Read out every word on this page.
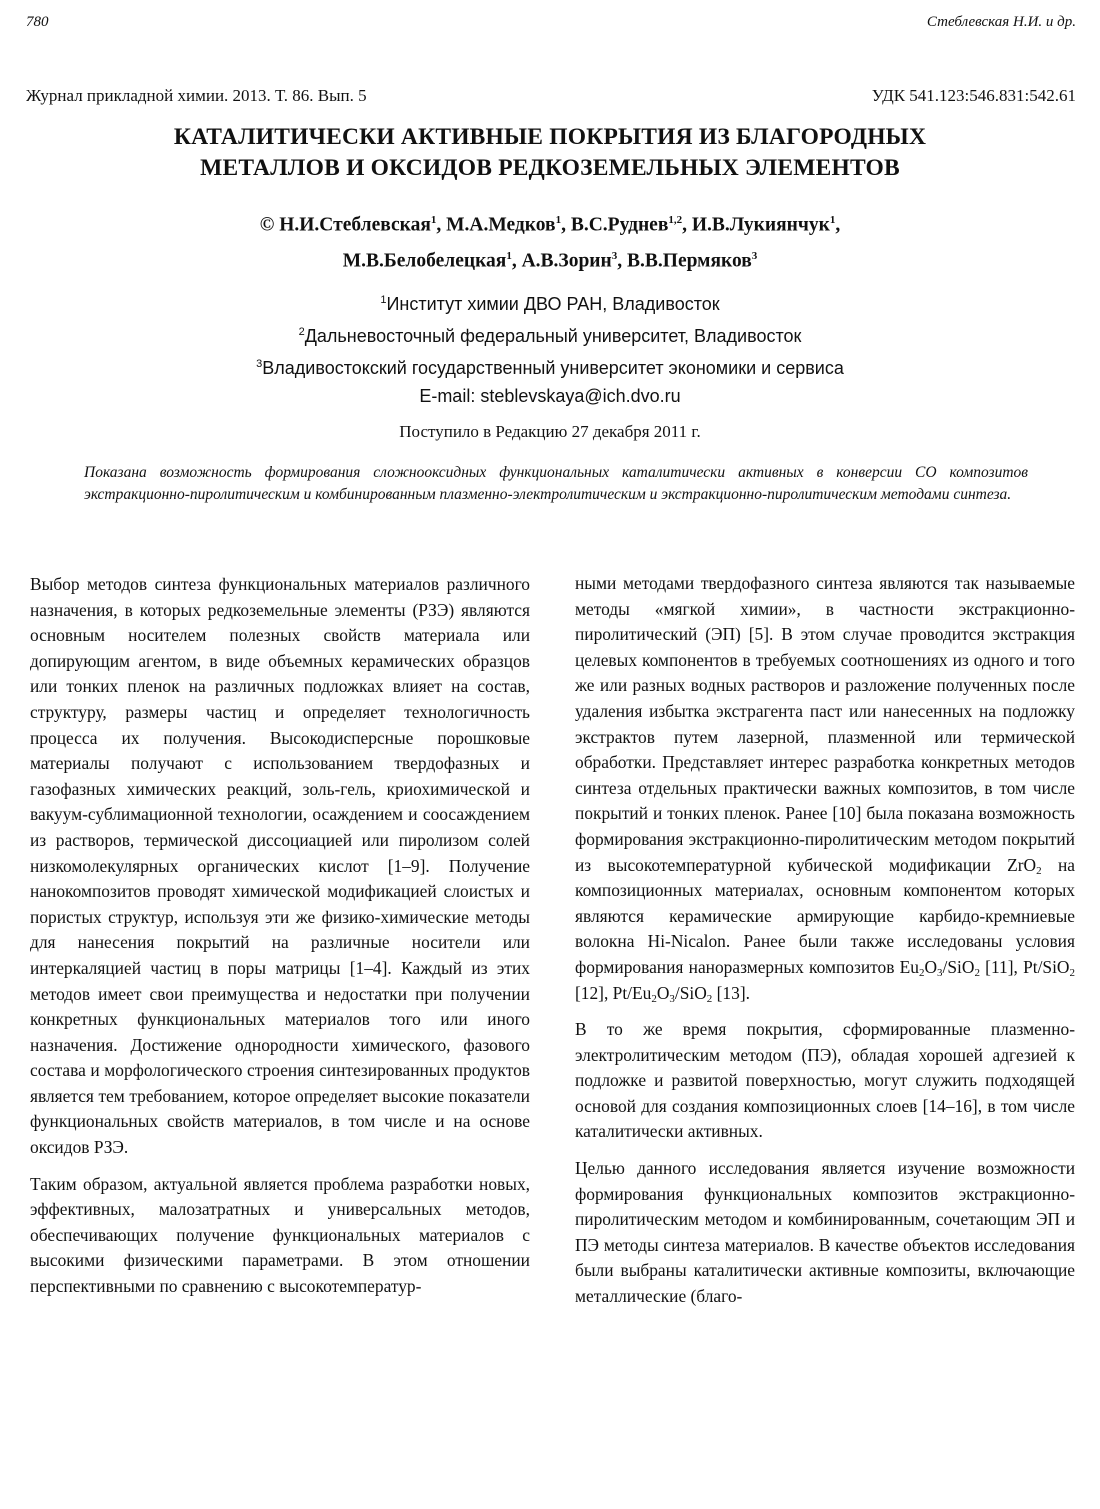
780	Стеблевская Н.И. и др.
Журнал прикладной химии. 2013. Т. 86. Вып. 5	УДК 541.123:546.831:542.61
КАТАЛИТИЧЕСКИ АКТИВНЫЕ ПОКРЫТИЯ ИЗ БЛАГОРОДНЫХ
МЕТАЛЛОВ И ОКСИДОВ РЕДКОЗЕМЕЛЬНЫХ ЭЛЕМЕНТОВ
© Н.И.Стеблевская$^1$, М.А.Медков$^1$, В.С.Руднев$^{1,2}$, И.В.Лукиянчук$^1$,
М.В.Белобелецкая$^1$, А.В.Зорин$^3$, В.В.Пермяков$^3$
$^1$Институт химии ДВО РАН, Владивосток
$^2$Дальневосточный федеральный университет, Владивосток
$^3$Владивостокский государственный университет экономики и сервиса
E-mail: steblevskaya@ich.dvo.ru
Поступило в Редакцию 27 декабря 2011 г.
Показана возможность формирования сложнооксидных функциональных каталитически активных в конверсии СО композитов экстракционно-пиролитическим и комбинированным плазменно-электролитическим и экстракционно-пиролитическим методами синтеза.

Выбор методов синтеза функциональных материалов различного назначения, в которых редкоземельные элементы (РЗЭ) являются основным носителем полезных свойств материала или допирующим агентом, в виде объемных керамических образцов или тонких пленок на различных подложках влияет на состав, структуру, размеры частиц и определяет технологичность процесса их получения. Высокодисперсные порошковые материалы получают с использованием твердофазных и газофазных химических реакций, золь-гель, криохимической и вакуум-сублимационной технологии, осаждением и соосаждением из растворов, термической диссоциацией или пиролизом солей низкомолекулярных органических кислот [1–9]. Получение нанокомпозитов проводят химической модификацией слоистых и пористых структур, используя эти же физико-химические методы для нанесения покрытий на различные носители или интеркаляцией частиц в поры матрицы [1–4]. Каждый из этих методов имеет свои преимущества и недостатки при получении конкретных функциональных материалов того или иного назначения. Достижение однородности химического, фазового состава и морфологического строения синтезированных продуктов является тем требованием, которое определяет высокие показатели функциональных свойств материалов, в том числе и на основе оксидов РЗЭ.

Таким образом, актуальной является проблема разработки новых, эффективных, малозатратных и универсальных методов, обеспечивающих получение функциональных материалов с высокими физическими параметрами. В этом отношении перспективными по сравнению с высокотемператур-

ными методами твердофазного синтеза являются так называемые методы «мягкой химии», в частности экстракционно-пиролитический (ЭП) [5]. В этом случае проводится экстракция целевых компонентов в требуемых соотношениях из одного и того же или разных водных растворов и разложение полученных после удаления избытка экстрагента паст или нанесенных на подложку экстрактов путем лазерной, плазменной или термической обработки. Представляет интерес разработка конкретных методов синтеза отдельных практически важных композитов, в том числе покрытий и тонких пленок. Ранее [10] была показана возможность формирования экстракционно-пиролитическим методом покрытий из высокотемпературной кубической модификации ZrO$_2$ на композиционных материалах, основным компонентом которых являются керамические армирующие карбидо-кремниевые волокна Hi-Nicalon. Ранее были также исследованы условия формирования наноразмерных композитов $Eu_2O_3/SiO_2$ [11], Pt/SiO$_2$ [12], $Pt/Eu_2O_3/SiO_2$ [13].

В то же время покрытия, сформированные плазменно-электролитическим методом (ПЭ), обладая хорошей адгезией к подложке и развитой поверхностью, могут служить подходящей основой для создания композиционных слоев [14–16], в том числе каталитически активных.

Целью данного исследования является изучение возможности формирования функциональных композитов экстракционно-пиролитическим методом и комбинированным, сочетающим ЭП и ПЭ методы синтеза материалов. В качестве объектов исследования были выбраны каталитически активные композиты, включающие металлические (благо-
